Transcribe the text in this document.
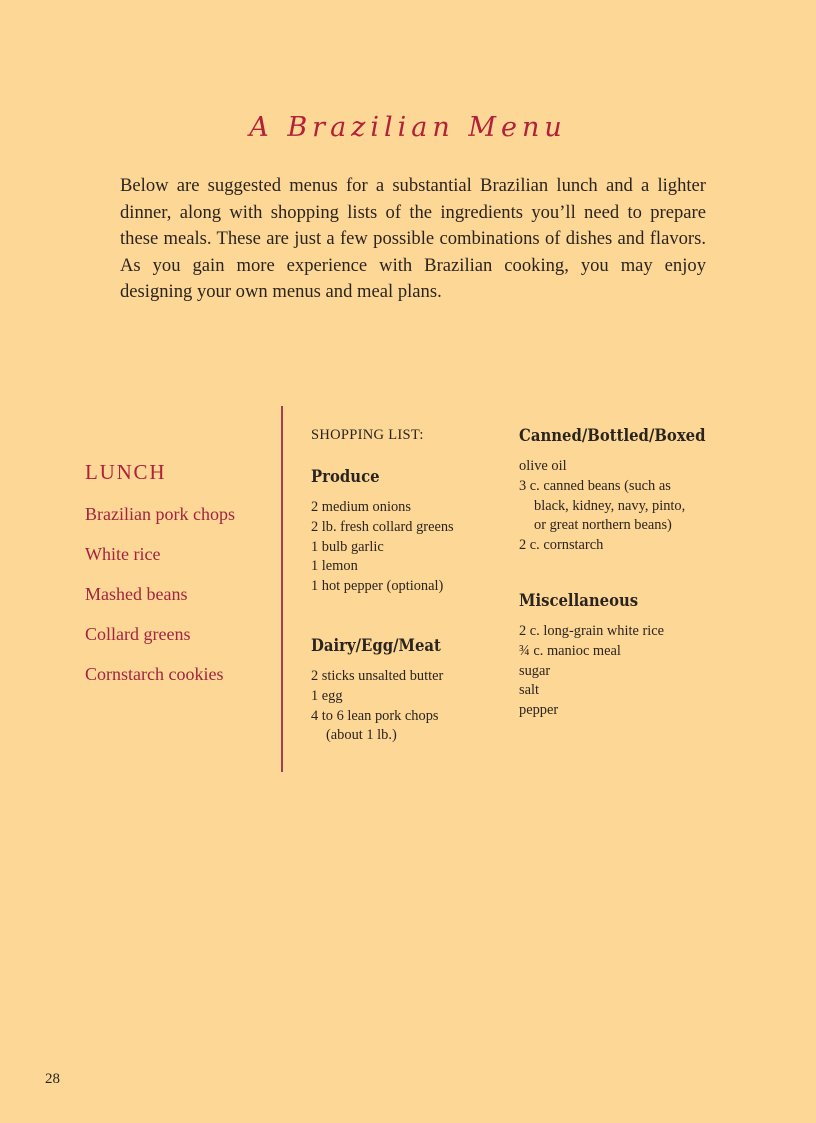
A Brazilian Menu

Below are suggested menus for a substantial Brazilian lunch and a lighter dinner, along with shopping lists of the ingredients you’ll need to prepare these meals. These are just a few possible combinations of dishes and flavors. As you gain more experience with Brazilian cooking, you may enjoy designing your own menus and meal plans.

LUNCH
Brazilian pork chops
White rice
Mashed beans
Collard greens
Cornstarch cookies
SHOPPING LIST:
Produce
2 medium onions
2 lb. fresh collard greens
1 bulb garlic
1 lemon
1 hot pepper (optional)
Dairy/Egg/Meat
2 sticks unsalted butter
1 egg
4 to 6 lean pork chops
(about 1 lb.)
Canned/Bottled/Boxed
olive oil
3 c. canned beans (such as
black, kidney, navy, pinto,
or great northern beans)
2 c. cornstarch
Miscellaneous
2 c. long-grain white rice
¾ c. manioc meal
sugar
salt
pepper
28
